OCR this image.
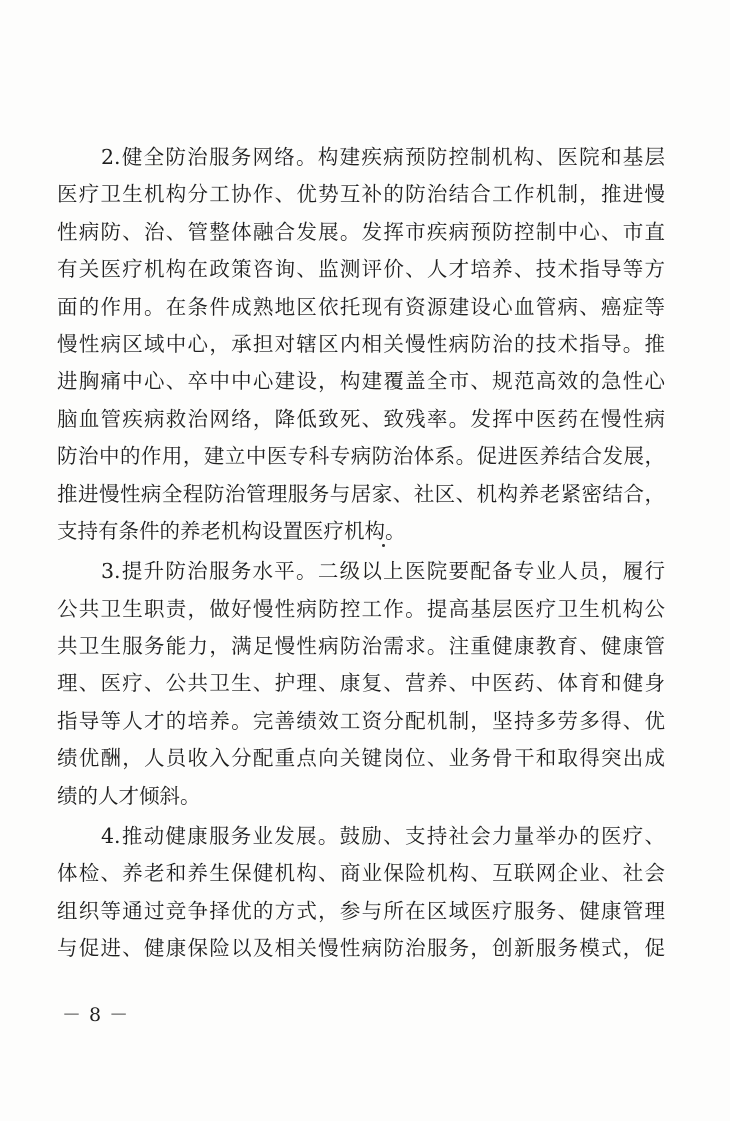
2.健全防治服务网络。构建疾病预防控制机构、医院和基层
医疗卫生机构分工协作、优势互补的防治结合工作机制，推进慢
性病防、治、管整体融合发展。发挥市疾病预防控制中心、市直
有关医疗机构在政策咨询、监测评价、人才培养、技术指导等方
面的作用。在条件成熟地区依托现有资源建设心血管病、癌症等
慢性病区域中心，承担对辖区内相关慢性病防治的技术指导。推
进胸痛中心、卒中中心建设，构建覆盖全市、规范高效的急性心
脑血管疾病救治网络，降低致死、致残率。发挥中医药在慢性病
防治中的作用，建立中医专科专病防治体系。促进医养结合发展，
推进慢性病全程防治管理服务与居家、社区、机构养老紧密结合，
支持有条件的养老机构设置医疗机构。

3.提升防治服务水平。二级以上医院要配备专业人员，履行
公共卫生职责，做好慢性病防控工作。提高基层医疗卫生机构公
共卫生服务能力，满足慢性病防治需求。注重健康教育、健康管
理、医疗、公共卫生、护理、康复、营养、中医药、体育和健身
指导等人才的培养。完善绩效工资分配机制，坚持多劳多得、优
绩优酬，人员收入分配重点向关键岗位、业务骨干和取得突出成
绩的人才倾斜。

4.推动健康服务业发展。鼓励、支持社会力量举办的医疗、
体检、养老和养生保健机构、商业保险机构、互联网企业、社会
组织等通过竞争择优的方式，参与所在区域医疗服务、健康管理
与促进、健康保险以及相关慢性病防治服务，创新服务模式，促

－ 8 －
